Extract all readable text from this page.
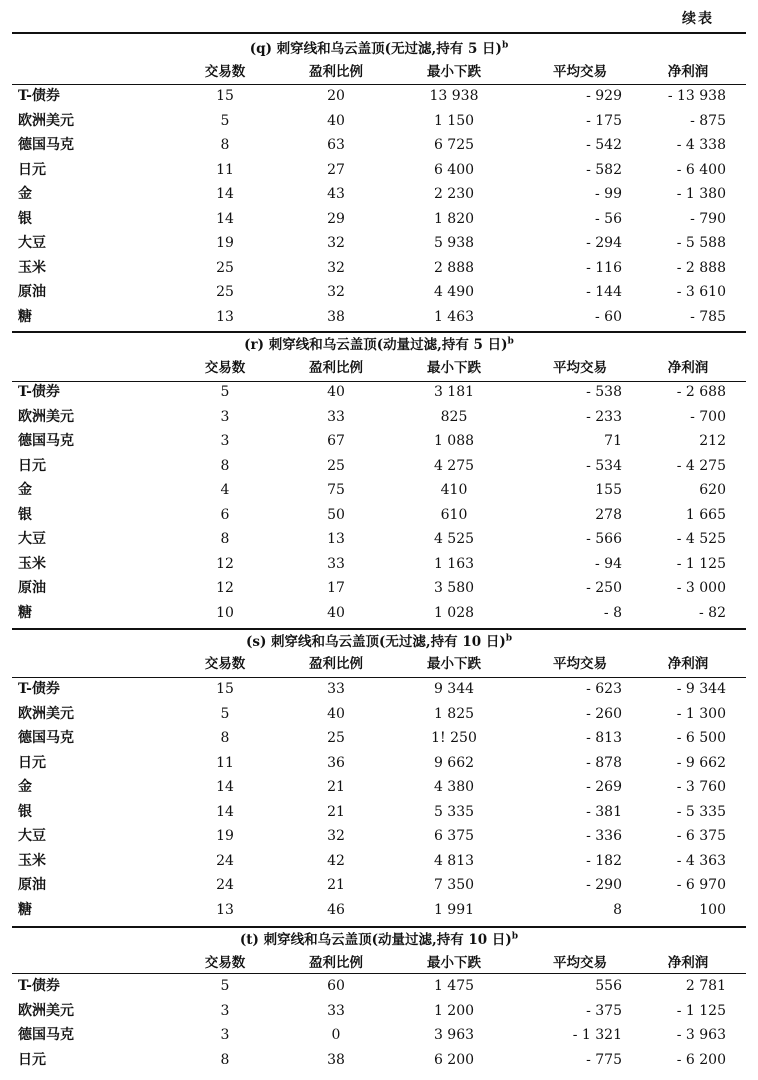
续表
(q) 刺穿线和乌云盖顶(无过滤,持有 5 日)$^b$
交易数	盈利比例	最小下跌	平均交易	净利润
T-债券	15	20	13 938	- 929	- 13 938
欧洲美元	5	40	1 150	- 175	- 875
德国马克	8	63	6 725	- 542	- 4 338
日元	11	27	6 400	- 582	- 6 400
金	14	43	2 230	- 99	- 1 380
银	14	29	1 820	- 56	- 790
大豆	19	32	5 938	- 294	- 5 588
玉米	25	32	2 888	- 116	- 2 888
原油	25	32	4 490	- 144	- 3 610
糖	13	38	1 463	- 60	- 785
(r) 刺穿线和乌云盖顶(动量过滤,持有 5 日)$^b$
交易数	盈利比例	最小下跌	平均交易	净利润
T-债券	5	40	3 181	- 538	- 2 688
欧洲美元	3	33	825	- 233	- 700
德国马克	3	67	1 088	71	212
日元	8	25	4 275	- 534	- 4 275
金	4	75	410	155	620
银	6	50	610	278	1 665
大豆	8	13	4 525	- 566	- 4 525
玉米	12	33	1 163	- 94	- 1 125
原油	12	17	3 580	- 250	- 3 000
糖	10	40	1 028	- 8	- 82
(s) 刺穿线和乌云盖顶(无过滤,持有 10 日)$^b$
交易数	盈利比例	最小下跌	平均交易	净利润
T-债券	15	33	9 344	- 623	- 9 344
欧洲美元	5	40	1 825	- 260	- 1 300
德国马克	8	25	1! 250	- 813	- 6 500
日元	11	36	9 662	- 878	- 9 662
金	14	21	4 380	- 269	- 3 760
银	14	21	5 335	- 381	- 5 335
大豆	19	32	6 375	- 336	- 6 375
玉米	24	42	4 813	- 182	- 4 363
原油	24	21	7 350	- 290	- 6 970
糖	13	46	1 991	8	100
(t) 刺穿线和乌云盖顶(动量过滤,持有 10 日)$^b$
交易数	盈利比例	最小下跌	平均交易	净利润
T-债券	5	60	1 475	556	2 781
欧洲美元	3	33	1 200	- 375	- 1 125
德国马克	3	0	3 963	- 1 321	- 3 963
日元	8	38	6 200	- 775	- 6 200
